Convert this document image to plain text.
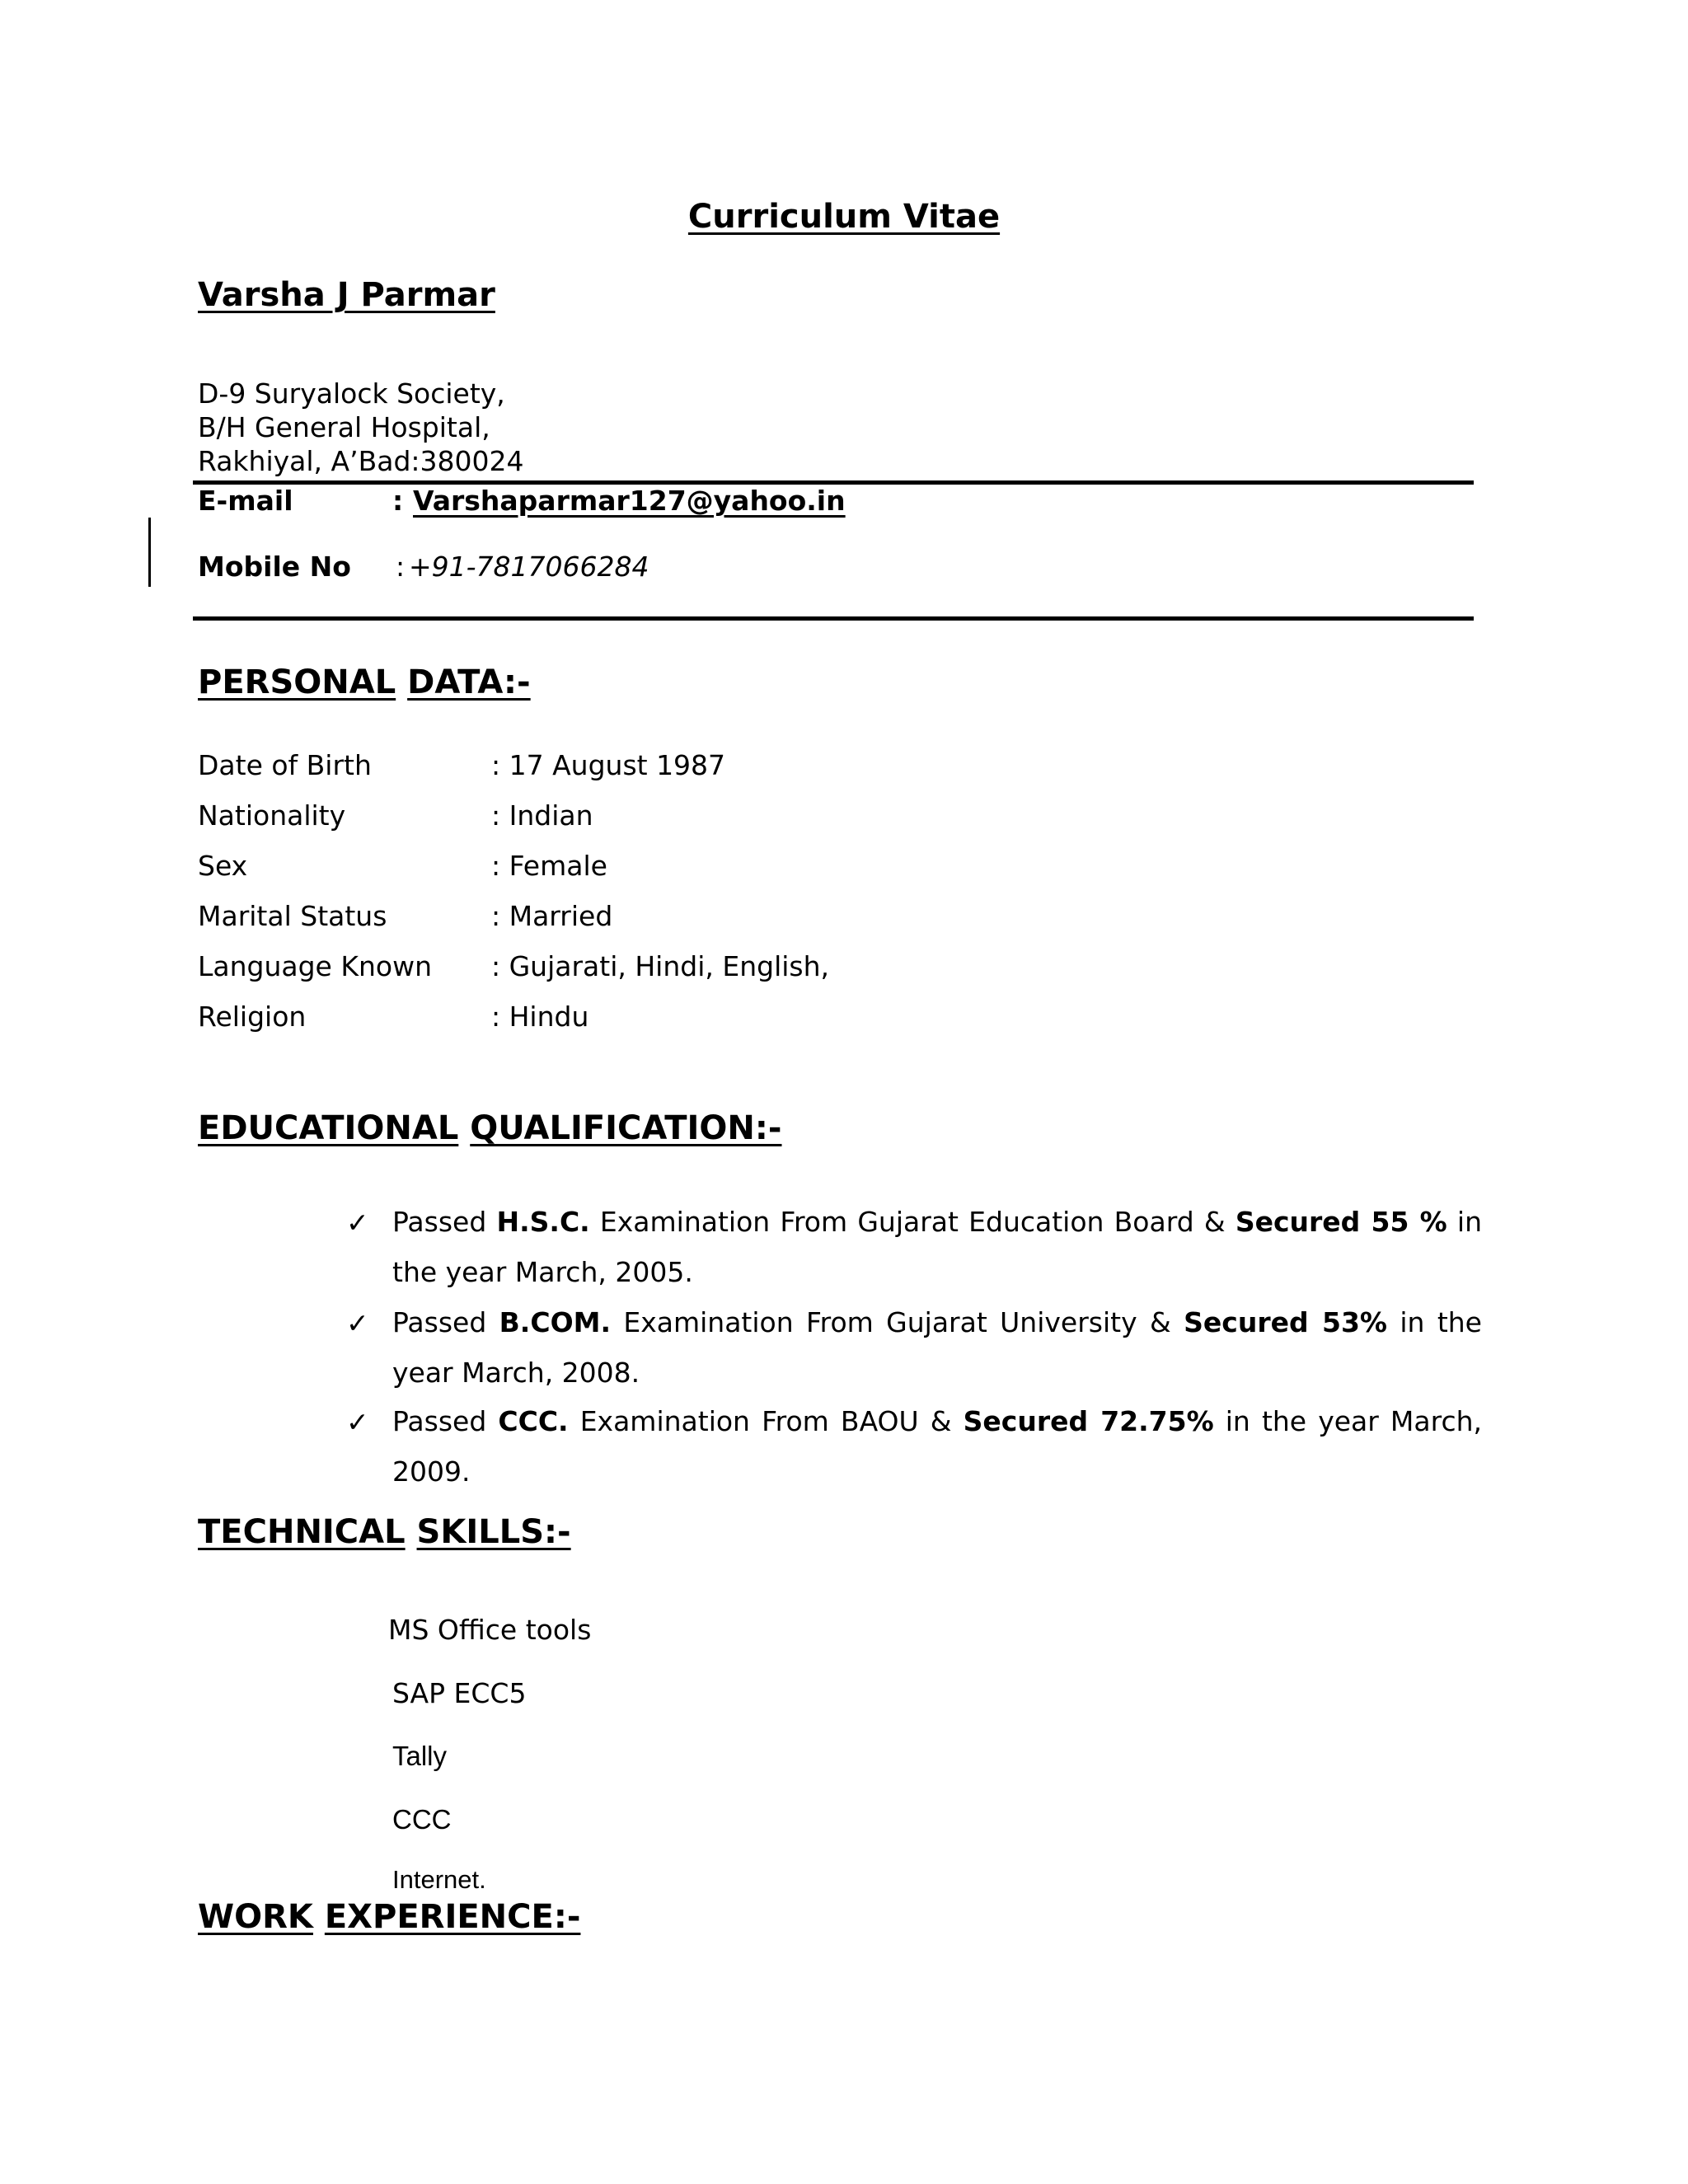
Curriculum Vitae
Varsha J Parmar
D-9 Suryalock Society,
B/H General Hospital,
Rakhiyal, A’Bad:380024
E-mail	: Varshaparmar127@yahoo.in
Mobile No : +91-7817066284
PERSONAL DATA:-
Date of Birth	: 17 August 1987
Nationality	: Indian
Sex	: Female
Marital Status	: Married
Language Known : Gujarati, Hindi, English,
Religion	: Hindu
EDUCATIONAL QUALIFICATION:-
✓ Passed H.S.C. Examination From Gujarat Education Board & Secured 55 % in the year March, 2005.
✓ Passed B.COM. Examination From Gujarat University & Secured 53% in the year March, 2008.
✓ Passed CCC. Examination From BAOU & Secured 72.75% in the year March, 2009.
TECHNICAL SKILLS:-
MS Office tools
SAP ECC5
Tally
CCC
Internet.
WORK EXPERIENCE:-
